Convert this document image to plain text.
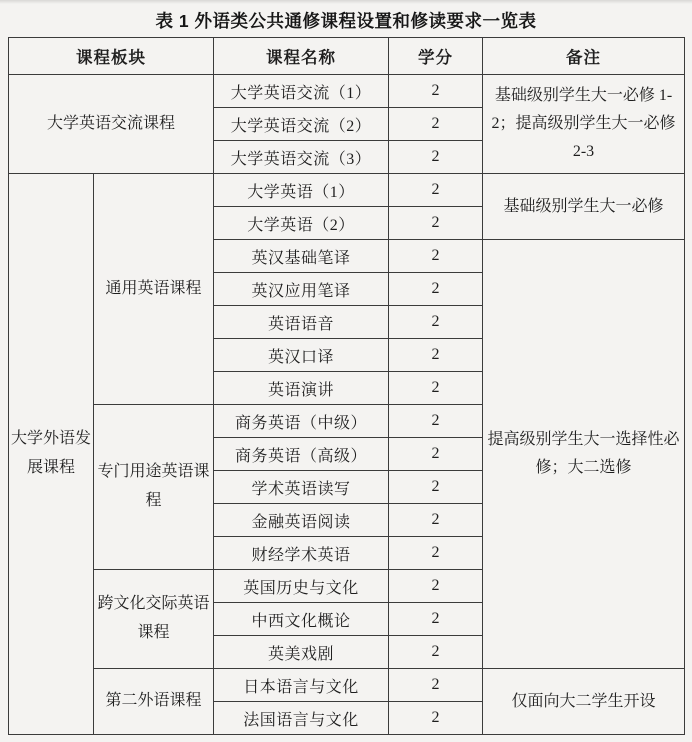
表 1 外语类公共通修课程设置和修读要求一览表
课程板块		课程名称	学分	备注
大学英语交流课程		大学英语交流（1）	2	基础级别学生大一必修 1-2；提高级别学生大一必修 2-3
		大学英语交流（2）	2	
		大学英语交流（3）	2	
大学外语发展课程	通用英语课程	大学英语（1）	2	基础级别学生大一必修
		大学英语（2）	2	
		英汉基础笔译	2	提高级别学生大一选择性必修；大二选修
		英汉应用笔译	2	
		英语语音	2	
		英汉口译	2	
		英语演讲	2	
	专门用途英语课程	商务英语（中级）	2	
		商务英语（高级）	2	
		学术英语读写	2	
		金融英语阅读	2	
		财经学术英语	2	
	跨文化交际英语课程	英国历史与文化	2	
		中西文化概论	2	
		英美戏剧	2	
	第二外语课程	日本语言与文化	2	仅面向大二学生开设
		法国语言与文化	2	
